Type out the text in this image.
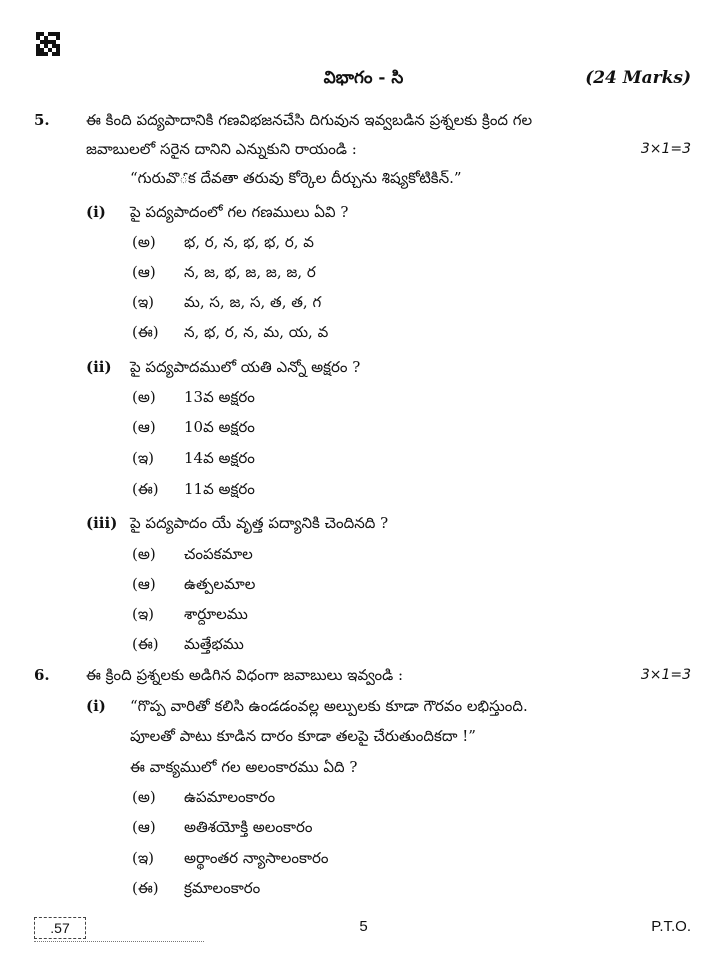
విభాగం - సి	(24 Marks)
5. ఈ కింది పద్యపాదానికి గణవిభజనచేసి దిగువున ఇవ్వబడిన ప్రశ్నలకు క్రింద గల
జవాబులలో సరైన దానిని ఎన్నుకుని రాయండి :	3×1=3
“గురువొౕక దేవతా తరువు కోర్కెల దీర్చును శిష్యకోటికిన్.”
(i) పై పద్యపాదంలో గల గణములు ఏవి ?
(అ) భ, ర, న, భ, భ, ర, వ
(ఆ) న, జ, భ, జ, జ, జ, ర
(ఇ) మ, స, జ, స, త, త, గ
(ఈ) న, భ, ర, న, మ, య, వ
(ii) పై పద్యపాదములో యతి ఎన్నో అక్షరం ?
(అ) 13వ అక్షరం
(ఆ) 10వ అక్షరం
(ఇ) 14వ అక్షరం
(ఈ) 11వ అక్షరం
(iii) పై పద్యపాదం యే వృత్త పద్యానికి చెందినది ?
(అ) చంపకమాల
(ఆ) ఉత్పలమాల
(ఇ) శార్దూలము
(ఈ) మత్తేభము
6. ఈ క్రింది ప్రశ్నలకు అడిగిన విధంగా జవాబులు ఇవ్వండి :	3×1=3
(i) “గొప్ప వారితో కలిసి ఉండడంవల్ల అల్పులకు కూడా గౌరవం లభిస్తుంది.
పూలతో పాటు కూడిన దారం కూడా తలపై చేరుతుందికదా !”
ఈ వాక్యములో గల అలంకారము ఏది ?
(అ) ఉపమాలంకారం
(ఆ) అతిశయోక్తి అలంకారం
(ఇ) అర్థాంతర న్యాసాలంకారం
(ఈ) క్రమాలంకారం
.57	5	P.T.O.
